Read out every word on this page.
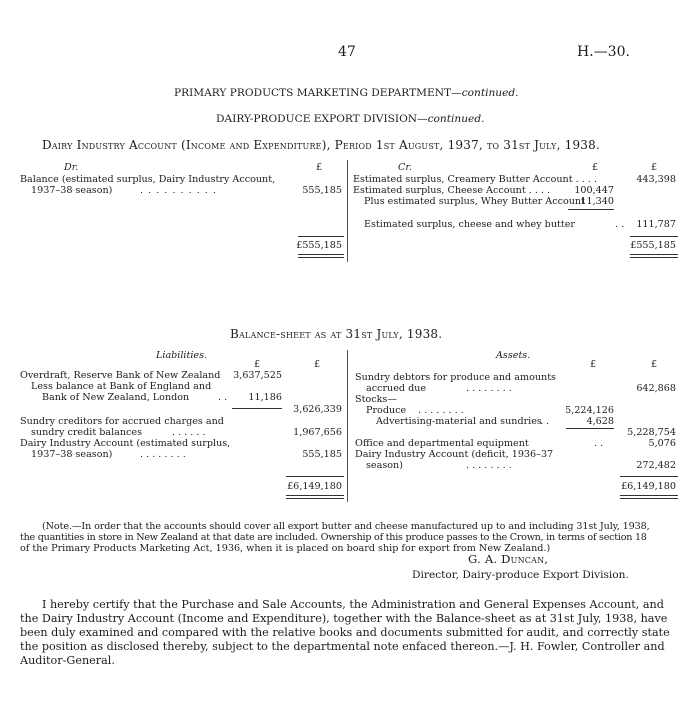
47	H.—30.
PRIMARY PRODUCTS MARKETING DEPARTMENT—continued.
DAIRY-PRODUCE EXPORT DIVISION—continued.
Dairy Industry Account (Income and Expenditure), Period 1st August, 1937, to 31st July, 1938.
Dr.	£
Balance (estimated surplus, Dairy Industry Account,
1937–38 season)	. . . . . . . . . .	555,185
£555,185
Cr.	£	£
Estimated surplus, Creamery Butter Account . . . .	443,398
Estimated surplus, Cheese Account . . . .	100,447
Plus estimated surplus, Whey Butter Account
11,340
Estimated surplus, cheese and whey butter	. .	111,787
£555,185
Balance-sheet as at 31st July, 1938.
Liabilities.
£	£
Overdraft, Reserve Bank of New Zealand	3,637,525
Less balance at Bank of England and
Bank of New Zealand, London	. .	11,186
3,626,339
Sundry creditors for accrued charges and
sundry credit balances	. . . . . .	1,967,656
Dairy Industry Account (estimated surplus,
1937–38 season)	. . . . . . . .	555,185
£6,149,180
Assets.
£	£
Sundry debtors for produce and amounts
accrued due	. . . . . . . .	642,868
Stocks—
Produce . . . . . . . .	5,224,126
Advertising-material and sundries
. .	4,628
5,228,754
Office and departmental equipment	. .	5,076
Dairy Industry Account (deficit, 1936–37
season)	. . . . . . . .	272,482
£6,149,180
(Note.—In order that the accounts should cover all export butter and cheese manufactured up to and including 31st July, 1938,
the quantities in store in New Zealand at that date are included. Ownership of this produce passes to the Crown, in terms of section 18
of the Primary Products Marketing Act, 1936, when it is placed on board ship for export from New Zealand.)
G. A. Duncan,
Director, Dairy-produce Export Division.
I hereby certify that the Purchase and Sale Accounts, the Administration and General Expenses Account, and
the Dairy Industry Account (Income and Expenditure), together with the Balance-sheet as at 31st July, 1938, have
been duly examined and compared with the relative books and documents submitted for audit, and correctly state
the position as disclosed thereby, subject to the departmental note enfaced thereon.—J. H. Fowler, Controller and
Auditor-General.
